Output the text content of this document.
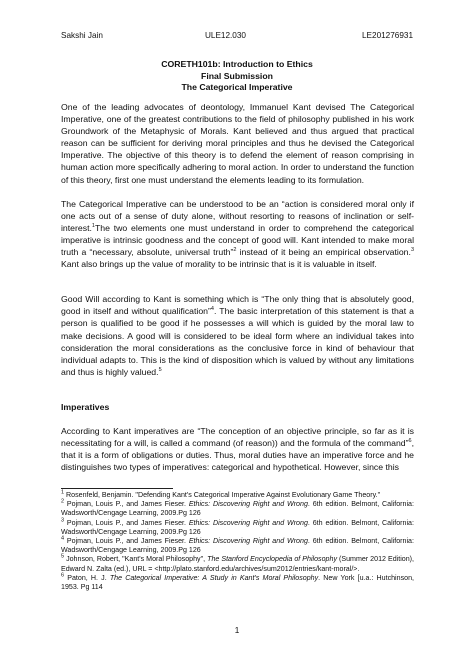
Sakshi Jain	ULE12.030	LE201276931
CORETH101b: Introduction to Ethics
Final Submission
The Categorical Imperative

One of the leading advocates of deontology, Immanuel Kant devised The Categorical Imperative, one of the greatest contributions to the field of philosophy published in his work Groundwork of the Metaphysic of Morals. Kant believed and thus argued that practical reason can be sufficient for deriving moral principles and thus he devised the Categorical Imperative. The objective of this theory is to defend the element of reason comprising in human action more specifically adhering to moral action. In order to understand the function of this theory, first one must understand the elements leading to its formulation.

The Categorical Imperative can be understood to be an “action is considered moral only if one acts out of a sense of duty alone, without resorting to reasons of inclination or self-interest.$^1$The two elements one must understand in order to comprehend the categorical imperative is intrinsic goodness and the concept of good will. Kant intended to make moral truth a “necessary, absolute, universal truth”$^2$ instead of it being an empirical observation.$^3$ Kant also brings up the value of morality to be intrinsic that is it is valuable in itself.

Good Will according to Kant is something which is “The only thing that is absolutely good, good in itself and without qualification”$^4$. The basic interpretation of this statement is that a person is qualified to be good if he possesses a will which is guided by the moral law to make decisions. A good will is considered to be ideal form where an individual takes into consideration the moral considerations as the conclusive force in kind of behaviour that individual adapts to. This is the kind of disposition which is valued by without any limitations and thus is highly valued.$^5$

Imperatives

According to Kant imperatives are “The conception of an objective principle, so far as it is necessitating for a will, is called a command (of reason)) and the formula of the command”$^6$, that it is a form of obligations or duties. Thus, moral duties have an imperative force and he distinguishes two types of imperatives: categorical and hypothetical. However, since this

$^1$ Rosenfeld, Benjamin. "Defending Kant's Categorical Imperative Against Evolutionary Game Theory."

$^2$ Pojman, Louis P., and James Fieser. Ethics: Discovering Right and Wrong. 6th edition. Belmont, California: Wadsworth/Cengage Learning, 2009.Pg 126

$^3$ Pojman, Louis P., and James Fieser. Ethics: Discovering Right and Wrong. 6th edition. Belmont, California: Wadsworth/Cengage Learning, 2009.Pg 126

$^4$ Pojman, Louis P., and James Fieser. Ethics: Discovering Right and Wrong. 6th edition. Belmont, California: Wadsworth/Cengage Learning, 2009.Pg 126

$^5$ Johnson, Robert, "Kant's Moral Philosophy", The Stanford Encyclopedia of Philosophy (Summer 2012 Edition), Edward N. Zalta (ed.), URL = <http://plato.stanford.edu/archives/sum2012/entries/kant-moral/>.

$^6$ Paton, H. J. The Categorical Imperative: A Study in Kant's Moral Philosophy. New York [u.a.: Hutchinson, 1953. Pg 114

1
